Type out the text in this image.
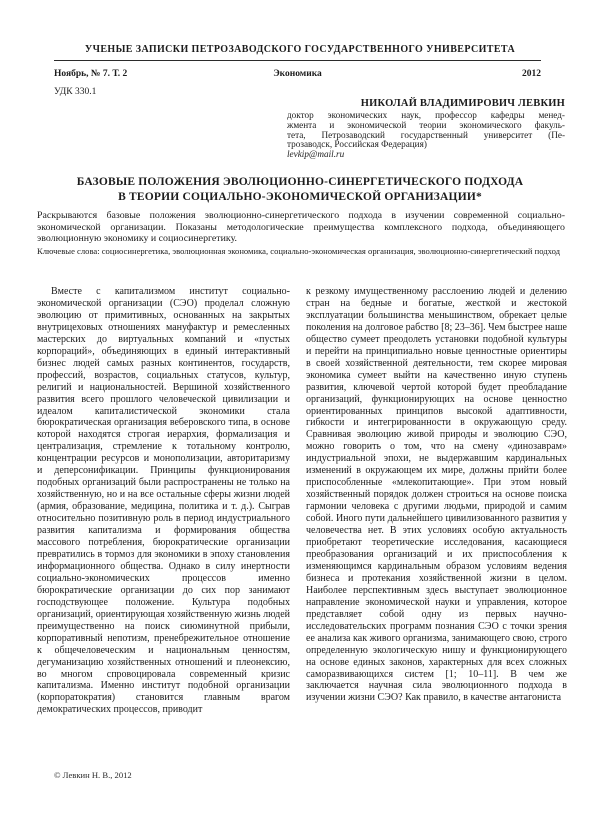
УЧЕНЫЕ ЗАПИСКИ ПЕТРОЗАВОДСКОГО ГОСУДАРСТВЕННОГО УНИВЕРСИТЕТА
Ноябрь, № 7. Т. 2	Экономика	2012
УДК 330.1
НИКОЛАЙ ВЛАДИМИРОВИЧ ЛЕВКИН
доктор экономических наук, профессор кафедры менед-
жмента и экономической теории экономического факуль-
тета, Петрозаводский государственный университет (Пе-
трозаводск, Российская Федерация)
levkip@mail.ru
БАЗОВЫЕ ПОЛОЖЕНИЯ ЭВОЛЮЦИОННО-СИНЕРГЕТИЧЕСКОГО ПОДХОДА
В ТЕОРИИ СОЦИАЛЬНО-ЭКОНОМИЧЕСКОЙ ОРГАНИЗАЦИИ*
Раскрываются базовые положения эволюционно-синергетического подхода в изучении современной социально-экономической организации. Показаны методологические преимущества комплексного подхода, объединяющего эволюционную экономику и социосинергетику.
Ключевые слова: социосинергетика, эволюционная экономика, социально-экономическая организация, эволюционно-синергетический подход
Вместе с капитализмом институт социально-экономической организации (СЭО) проделал сложную эволюцию от примитивных, основанных на закрытых внутрицеховых отношениях мануфактур и ремесленных мастерских до виртуальных компаний и «пустых корпораций», объединяющих в единый интерактивный бизнес людей самых разных континентов, государств, профессий, возрастов, социальных статусов, культур, религий и национальностей. Вершиной хозяйственного развития всего прошлого человеческой цивилизации и идеалом капиталистической экономики стала бюрократическая организация веберовского типа, в основе которой находятся строгая иерархия, формализация и централизация, стремление к тотальному контролю, концентрации ресурсов и монополизации, авторитаризму и деперсонификации. Принципы функционирования подобных организаций были распространены не только на хозяйственную, но и на все остальные сферы жизни людей (армия, образование, медицина, политика и т. д.). Сыграв относительно позитивную роль в период индустриального развития капитализма и формирования общества массового потребления, бюрократические организации превратились в тормоз для экономики в эпоху становления информационного общества. Однако в силу инертности социально-экономических процессов именно бюрократические организации до сих пор занимают господствующее положение. Культура подобных организаций, ориентирующая хозяйственную жизнь людей преимущественно на поиск сиюминутной прибыли, корпоративный непотизм, пренебрежительное отношение к общечеловеческим и национальным ценностям, дегуманизацию хозяйственных отношений и плеонексию, во многом спровоцировала современный кризис капитализма. Именно институт подобной организации (корпоратократия) становится главным врагом демократических процессов, приводит
к резкому имущественному расслоению людей и делению стран на бедные и богатые, жесткой и жестокой эксплуатации большинства меньшинством, обрекает целые поколения на долговое рабство [8; 23–36]. Чем быстрее наше общество сумеет преодолеть установки подобной культуры и перейти на принципиально новые ценностные ориентиры в своей хозяйственной деятельности, тем скорее мировая экономика сумеет выйти на качественно иную ступень развития, ключевой чертой которой будет преобладание организаций, функционирующих на основе ценностно ориентированных принципов высокой адаптивности, гибкости и интегрированности в окружающую среду. Сравнивая эволюцию живой природы и эволюцию СЭО, можно говорить о том, что на смену «динозаврам» индустриальной эпохи, не выдержавшим кардинальных изменений в окружающем их мире, должны прийти более приспособленные «млекопитающие». При этом новый хозяйственный порядок должен строиться на основе поиска гармонии человека с другими людьми, природой и самим собой. Иного пути дальнейшего цивилизованного развития у человечества нет. В этих условиях особую актуальность приобретают теоретические исследования, касающиеся преобразования организаций и их приспособления к изменяющимся кардинальным образом условиям ведения бизнеса и протекания хозяйственной жизни в целом. Наиболее перспективным здесь выступает эволюционное направление экономической науки и управления, которое представляет собой одну из первых научно-исследовательских программ познания СЭО с точки зрения ее анализа как живого организма, занимающего свою, строго определенную экологическую нишу и функционирующего на основе единых законов, характерных для всех сложных саморазвивающихся систем [1; 10–11]. В чем же заключается научная сила эволюционного подхода в изучении жизни СЭО? Как правило, в качестве антагониста
© Левкин Н. В., 2012
